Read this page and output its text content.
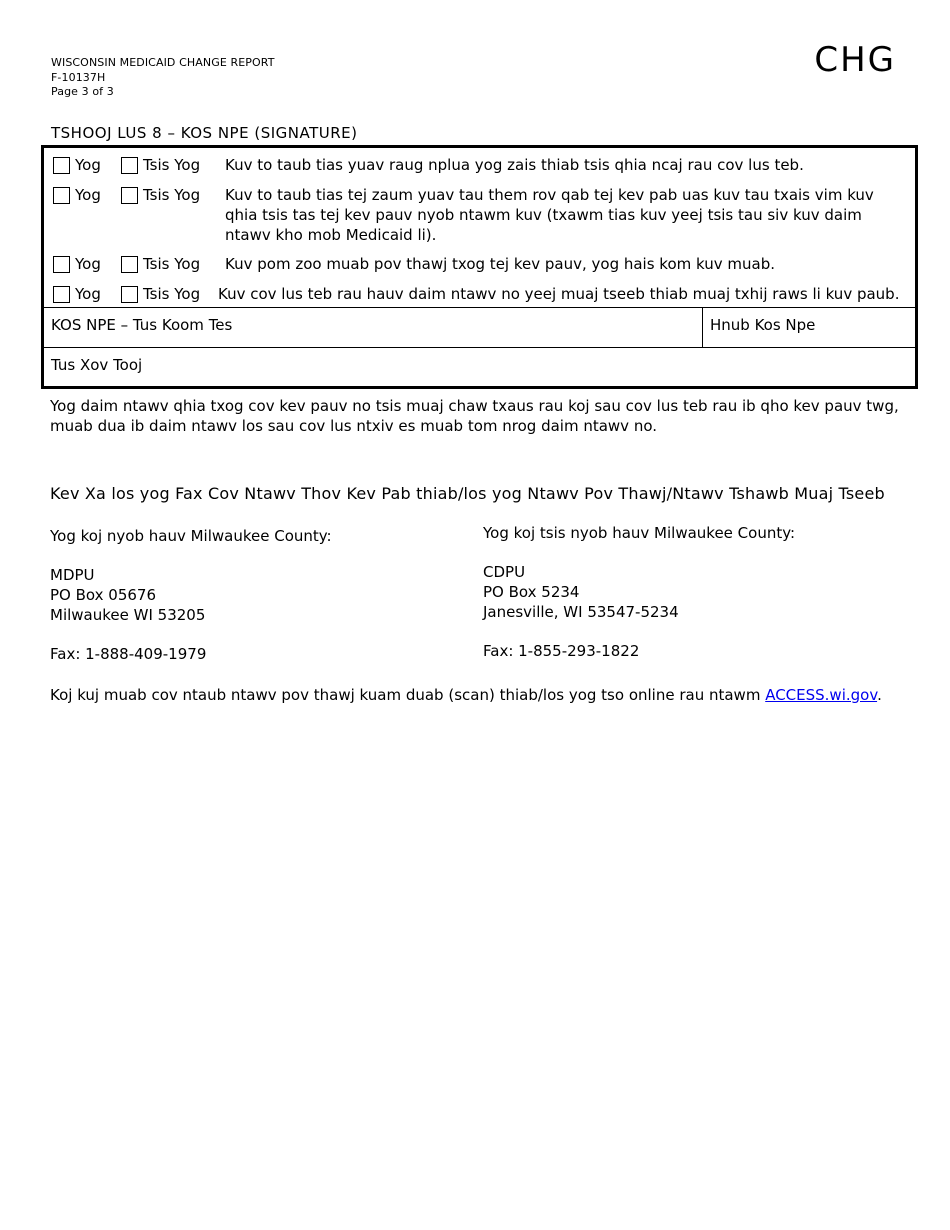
WISCONSIN MEDICAID CHANGE REPORT
F-10137H
Page 3 of 3
CHG
TSHOOJ LUS 8 – KOS NPE (SIGNATURE)
Yog	Tsis Yog Kuv to taub tias yuav raug nplua yog zais thiab tsis qhia ncaj rau cov lus teb.
Yog	Tsis Yog Kuv to taub tias tej zaum yuav tau them rov qab tej kev pab uas kuv tau txais vim kuv qhia tsis tas tej kev pauv nyob ntawm kuv (txawm tias kuv yeej tsis tau siv kuv daim ntawv kho mob Medicaid li).
Yog	Tsis Yog Kuv pom zoo muab pov thawj txog tej kev pauv, yog hais kom kuv muab.
Yog	Tsis Yog Kuv cov lus teb rau hauv daim ntawv no yeej muaj tseeb thiab muaj txhij raws li kuv paub.
KOS NPE – Tus Koom Tes	Hnub Kos Npe
Tus Xov Tooj
Yog daim ntawv qhia txog cov kev pauv no tsis muaj chaw txaus rau koj sau cov lus teb rau ib qho kev pauv twg, muab dua ib daim ntawv los sau cov lus ntxiv es muab tom nrog daim ntawv no.
Kev Xa los yog Fax Cov Ntawv Thov Kev Pab thiab/los yog Ntawv Pov Thawj/Ntawv Tshawb Muaj Tseeb
Yog koj nyob hauv Milwaukee County:
MDPU
PO Box 05676
Milwaukee WI 53205
Fax: 1-888-409-1979
Yog koj tsis nyob hauv Milwaukee County:
CDPU
PO Box 5234
Janesville, WI 53547-5234
Fax: 1-855-293-1822
Koj kuj muab cov ntaub ntawv pov thawj kuam duab (scan) thiab/los yog tso online rau ntawm ACCESS.wi.gov.
